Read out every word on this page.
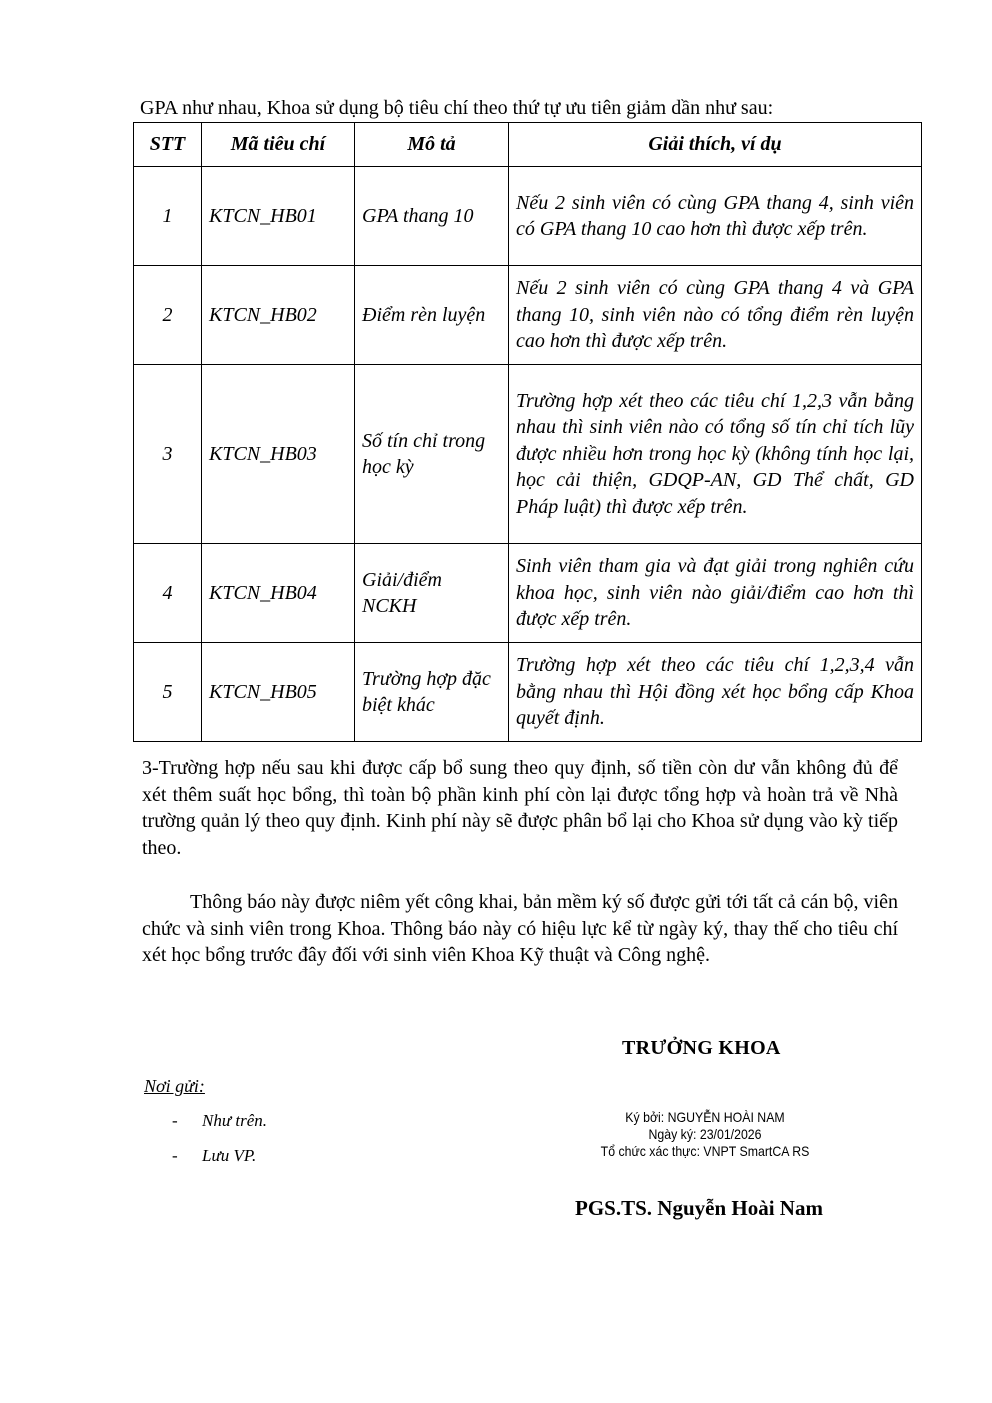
GPA như nhau, Khoa sử dụng bộ tiêu chí theo thứ tự ưu tiên giảm dần như sau:
STT	Mã tiêu chí	Mô tả	Giải thích, ví dụ
1	KTCN_HB01	GPA thang 10	Nếu 2 sinh viên có cùng GPA thang 4, sinh viên có GPA thang 10 cao hơn thì được xếp trên.
2	KTCN_HB02	Điểm rèn luyện	Nếu 2 sinh viên có cùng GPA thang 4 và GPA thang 10, sinh viên nào có tổng điểm rèn luyện cao hơn thì được xếp trên.
3	KTCN_HB03	Số tín chỉ trong học kỳ	Trường hợp xét theo các tiêu chí 1,2,3 vẫn bằng nhau thì sinh viên nào có tổng số tín chỉ tích lũy được nhiều hơn trong học kỳ (không tính học lại, học cải thiện, GDQP-AN, GD Thể chất, GD Pháp luật) thì được xếp trên.
4	KTCN_HB04	Giải/điểm NCKH	Sinh viên tham gia và đạt giải trong nghiên cứu khoa học, sinh viên nào giải/điểm cao hơn thì được xếp trên.
5	KTCN_HB05	Trường hợp đặc biệt khác	Trường hợp xét theo các tiêu chí 1,2,3,4 vẫn bằng nhau thì Hội đồng xét học bổng cấp Khoa quyết định.
3-Trường hợp nếu sau khi được cấp bổ sung theo quy định, số tiền còn dư vẫn không đủ để xét thêm suất học bổng, thì toàn bộ phần kinh phí còn lại được tổng hợp và hoàn trả về Nhà trường quản lý theo quy định. Kinh phí này sẽ được phân bổ lại cho Khoa sử dụng vào kỳ tiếp theo.
Thông báo này được niêm yết công khai, bản mềm ký số được gửi tới tất cả cán bộ, viên chức và sinh viên trong Khoa. Thông báo này có hiệu lực kể từ ngày ký, thay thế cho tiêu chí xét học bổng trước đây đối với sinh viên Khoa Kỹ thuật và Công nghệ.
TRƯỞNG KHOA
Nơi gửi:
- Như trên.
- Lưu VP.
Ký bởi: NGUYỄN HOÀI NAM
Ngày ký: 23/01/2026
Tổ chức xác thực: VNPT SmartCA RS
PGS.TS. Nguyễn Hoài Nam
